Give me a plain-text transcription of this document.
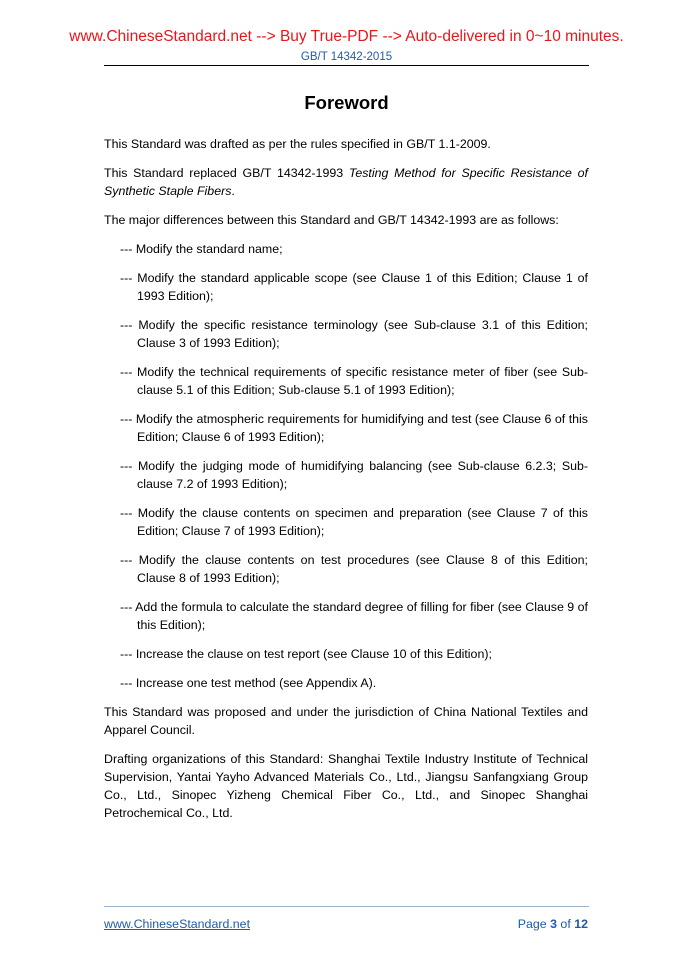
www.ChineseStandard.net --> Buy True-PDF --> Auto-delivered in 0~10 minutes.
GB/T 14342-2015
Foreword

This Standard was drafted as per the rules specified in GB/T 1.1-2009.

This Standard replaced GB/T 14342-1993 Testing Method for Specific Resistance of Synthetic Staple Fibers.

The major differences between this Standard and GB/T 14342-1993 are as follows:

--- Modify the standard name;

--- Modify the standard applicable scope (see Clause 1 of this Edition; Clause 1 of 1993 Edition);

--- Modify the specific resistance terminology (see Sub-clause 3.1 of this Edition; Clause 3 of 1993 Edition);

--- Modify the technical requirements of specific resistance meter of fiber (see Sub-clause 5.1 of this Edition; Sub-clause 5.1 of 1993 Edition);

--- Modify the atmospheric requirements for humidifying and test (see Clause 6 of this Edition; Clause 6 of 1993 Edition);

--- Modify the judging mode of humidifying balancing (see Sub-clause 6.2.3; Sub-clause 7.2 of 1993 Edition);

--- Modify the clause contents on specimen and preparation (see Clause 7 of this Edition; Clause 7 of 1993 Edition);

--- Modify the clause contents on test procedures (see Clause 8 of this Edition; Clause 8 of 1993 Edition);

--- Add the formula to calculate the standard degree of filling for fiber (see Clause 9 of this Edition);

--- Increase the clause on test report (see Clause 10 of this Edition);

--- Increase one test method (see Appendix A).

This Standard was proposed and under the jurisdiction of China National Textiles and Apparel Council.

Drafting organizations of this Standard: Shanghai Textile Industry Institute of Technical Supervision, Yantai Yayho Advanced Materials Co., Ltd., Jiangsu Sanfangxiang Group Co., Ltd., Sinopec Yizheng Chemical Fiber Co., Ltd., and Sinopec Shanghai Petrochemical Co., Ltd.

www.ChineseStandard.net	Page 3 of 12
